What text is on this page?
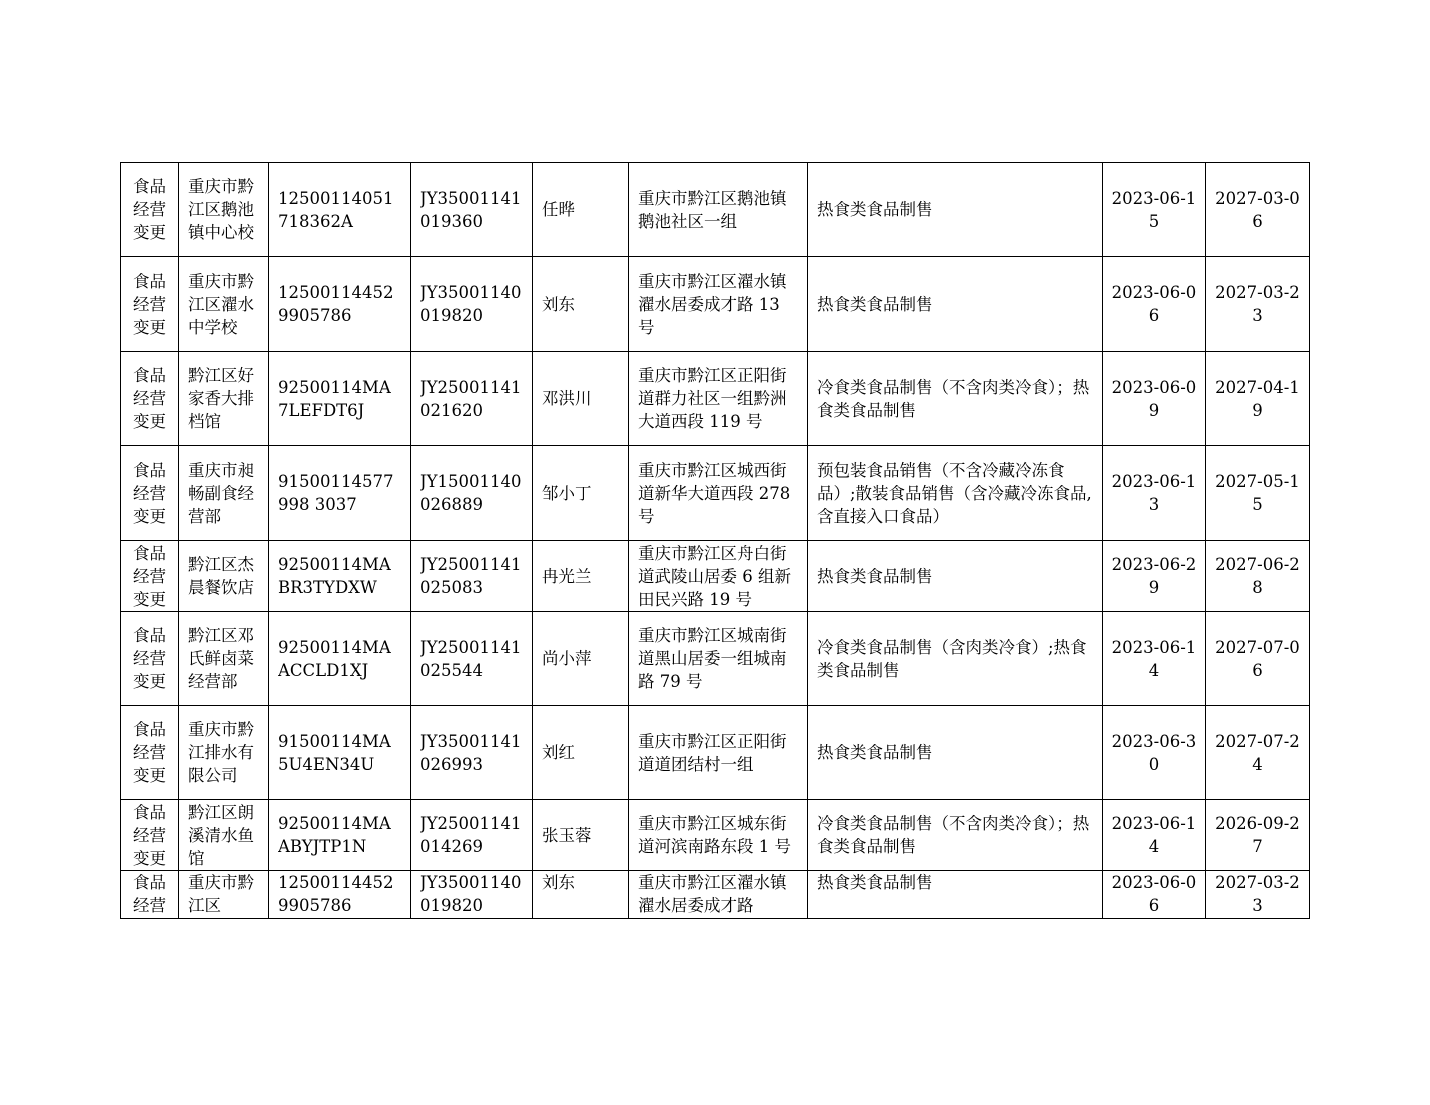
食品经营变更	重庆市黔江区鹅池镇中心校	12500114051718362A	JY35001141019360	任晔	重庆市黔江区鹅池镇鹅池社区一组	热食类食品制售	2023-06-15	2027-03-06

食品经营变更	重庆市黔江区濯水中学校	125001144529905786	JY35001140019820	刘东	重庆市黔江区濯水镇濯水居委成才路 13 号	热食类食品制售	2023-06-06	2027-03-23

食品经营变更	黔江区好家香大排档馆	92500114MA7LEFDT6J	JY25001141021620	邓洪川	重庆市黔江区正阳街道群力社区一组黔洲大道西段 119 号	冷食类食品制售（不含肉类冷食）；热食类食品制售	2023-06-09	2027-04-19

食品经营变更	重庆市昶畅副食经营部	91500114577998 3037	JY15001140026889	邹小丁	重庆市黔江区城西街道新华大道西段 278 号	预包装食品销售（不含冷藏冷冻食品）;散装食品销售（含冷藏冷冻食品,含直接入口食品）	2023-06-13	2027-05-15

食品经营变更	黔江区杰晨餐饮店	92500114MABR3TYDXW	JY25001141025083	冉光兰	重庆市黔江区舟白街道武陵山居委 6 组新田民兴路 19 号	热食类食品制售	2023-06-29	2027-06-28

食品经营变更	黔江区邓氏鲜卤菜经营部	92500114MAACCLD1XJ	JY25001141025544	尚小萍	重庆市黔江区城南街道黑山居委一组城南路 79 号	冷食类食品制售（含肉类冷食）;热食类食品制售	2023-06-14	2027-07-06

食品经营变更	重庆市黔江排水有限公司	91500114MA5U4EN34U	JY35001141026993	刘红	重庆市黔江区正阳街道道团结村一组	热食类食品制售	2023-06-30	2027-07-24

食品经营变更	黔江区朗溪清水鱼馆	92500114MAABYJTP1N	JY25001141014269	张玉蓉	重庆市黔江区城东街道河滨南路东段 1 号	冷食类食品制售（不含肉类冷食）；热食类食品制售	2023-06-14	2026-09-27

食品经营	重庆市黔江区	125001144529905786	JY35001140019820	刘东	重庆市黔江区濯水镇濯水居委成才路	热食类食品制售	2023-06-06	2027-03-23
